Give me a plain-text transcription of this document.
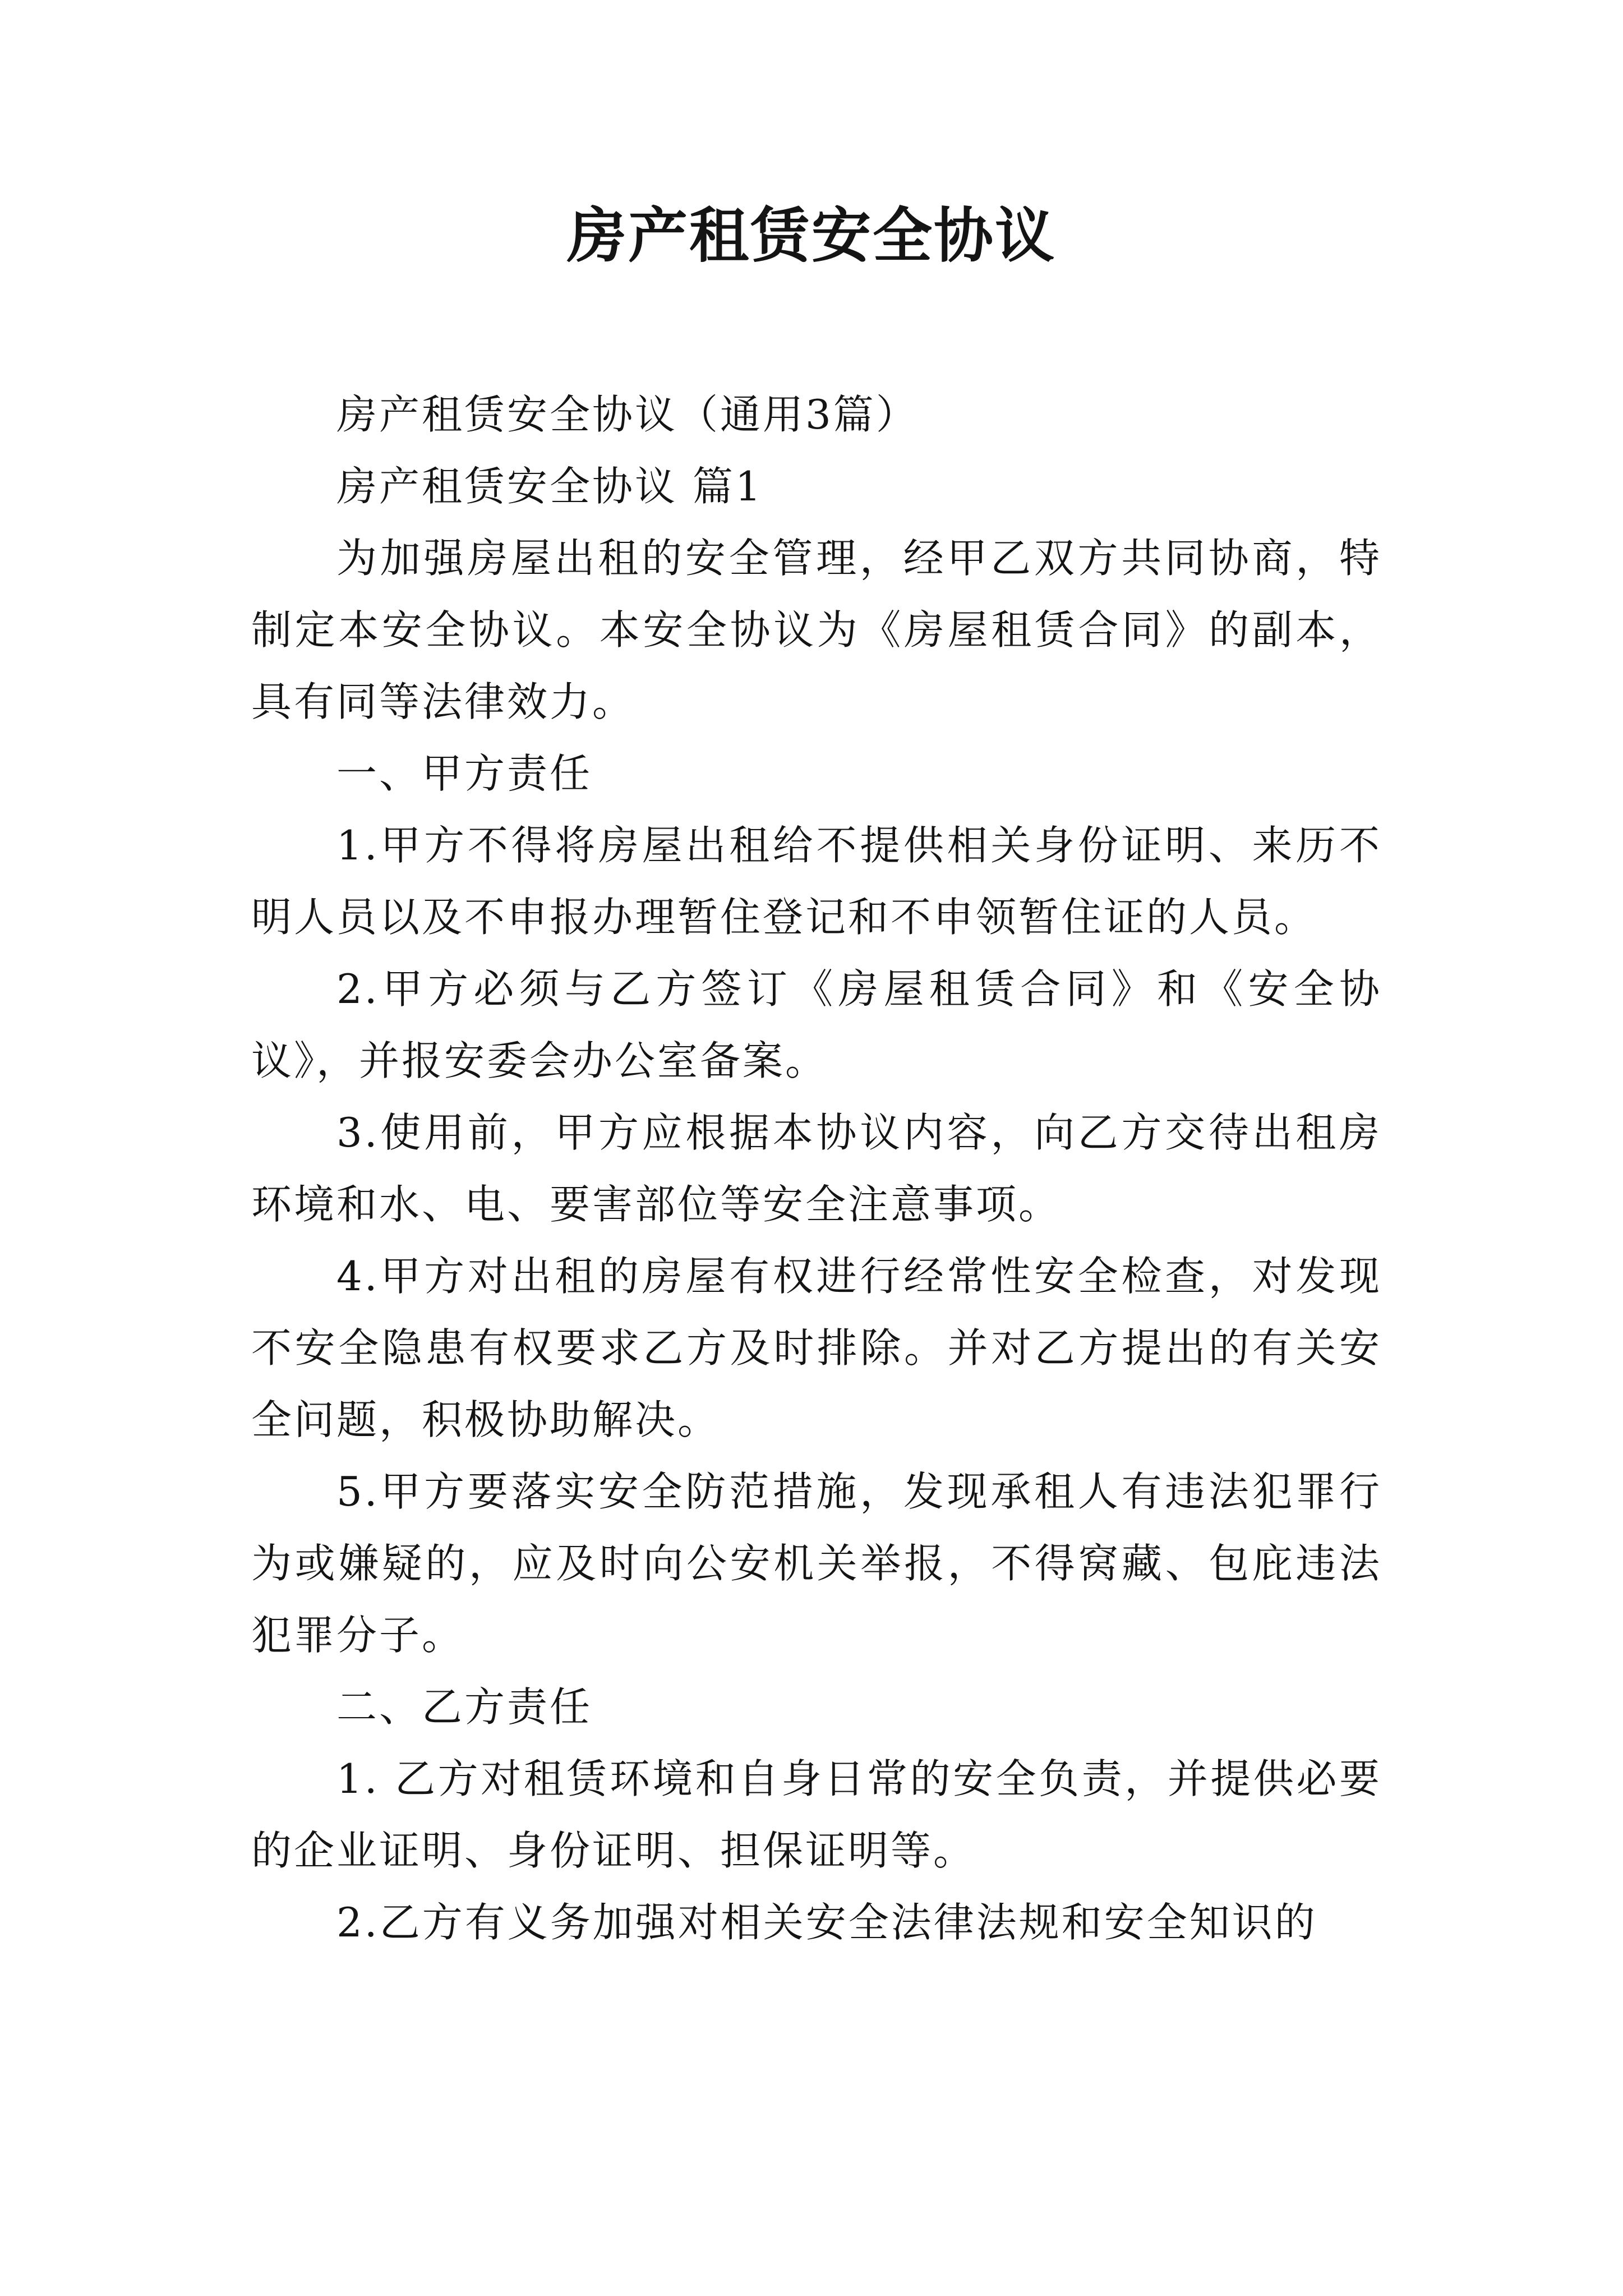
房产租赁安全协议

房产租赁安全协议（通用3篇）

房产租赁安全协议 篇1

为加强房屋出租的安全管理，经甲乙双方共同协商，特制定本安全协议。本安全协议为《房屋租赁合同》的副本，具有同等法律效力。

一、甲方责任

1.甲方不得将房屋出租给不提供相关身份证明、来历不明人员以及不申报办理暂住登记和不申领暂住证的人员。

2.甲方必须与乙方签订《房屋租赁合同》和《安全协议》，并报安委会办公室备案。

3.使用前，甲方应根据本协议内容，向乙方交待出租房环境和水、电、要害部位等安全注意事项。

4.甲方对出租的房屋有权进行经常性安全检查，对发现不安全隐患有权要求乙方及时排除。并对乙方提出的有关安全问题，积极协助解决。

5.甲方要落实安全防范措施，发现承租人有违法犯罪行为或嫌疑的，应及时向公安机关举报，不得窝藏、包庇违法犯罪分子。

二、乙方责任

1. 乙方对租赁环境和自身日常的安全负责，并提供必要的企业证明、身份证明、担保证明等。

2.乙方有义务加强对相关安全法律法规和安全知识的
